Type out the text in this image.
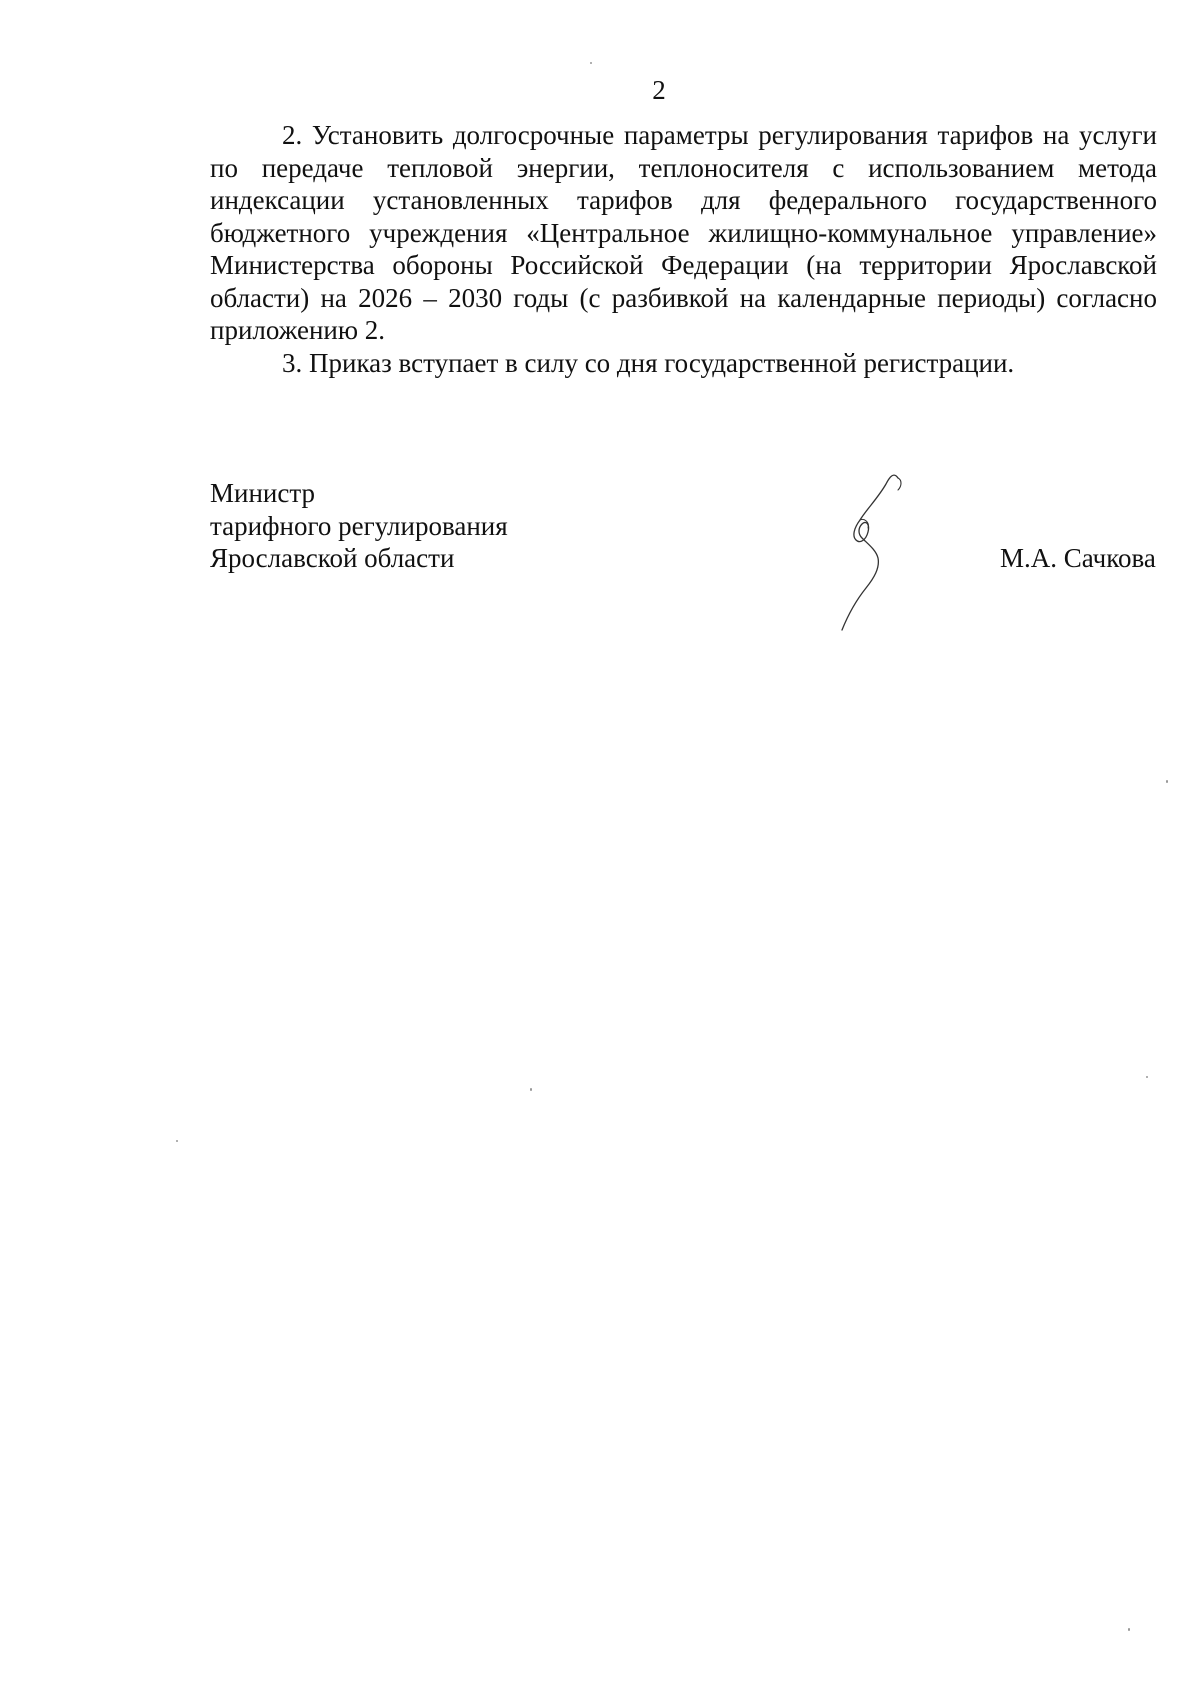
2

2. Установить долгосрочные параметры регулирования тарифов на услуги по передаче тепловой энергии, теплоносителя с использованием метода индексации установленных тарифов для федерального государственного бюджетного учреждения «Центральное жилищно-коммунальное управление» Министерства обороны Российской Федерации (на территории Ярославской области) на 2026 – 2030 годы (с разбивкой на календарные периоды) согласно приложению 2.

3. Приказ вступает в силу со дня государственной регистрации.

Министр
тарифного регулирования
Ярославской области	М.А. Сачкова
